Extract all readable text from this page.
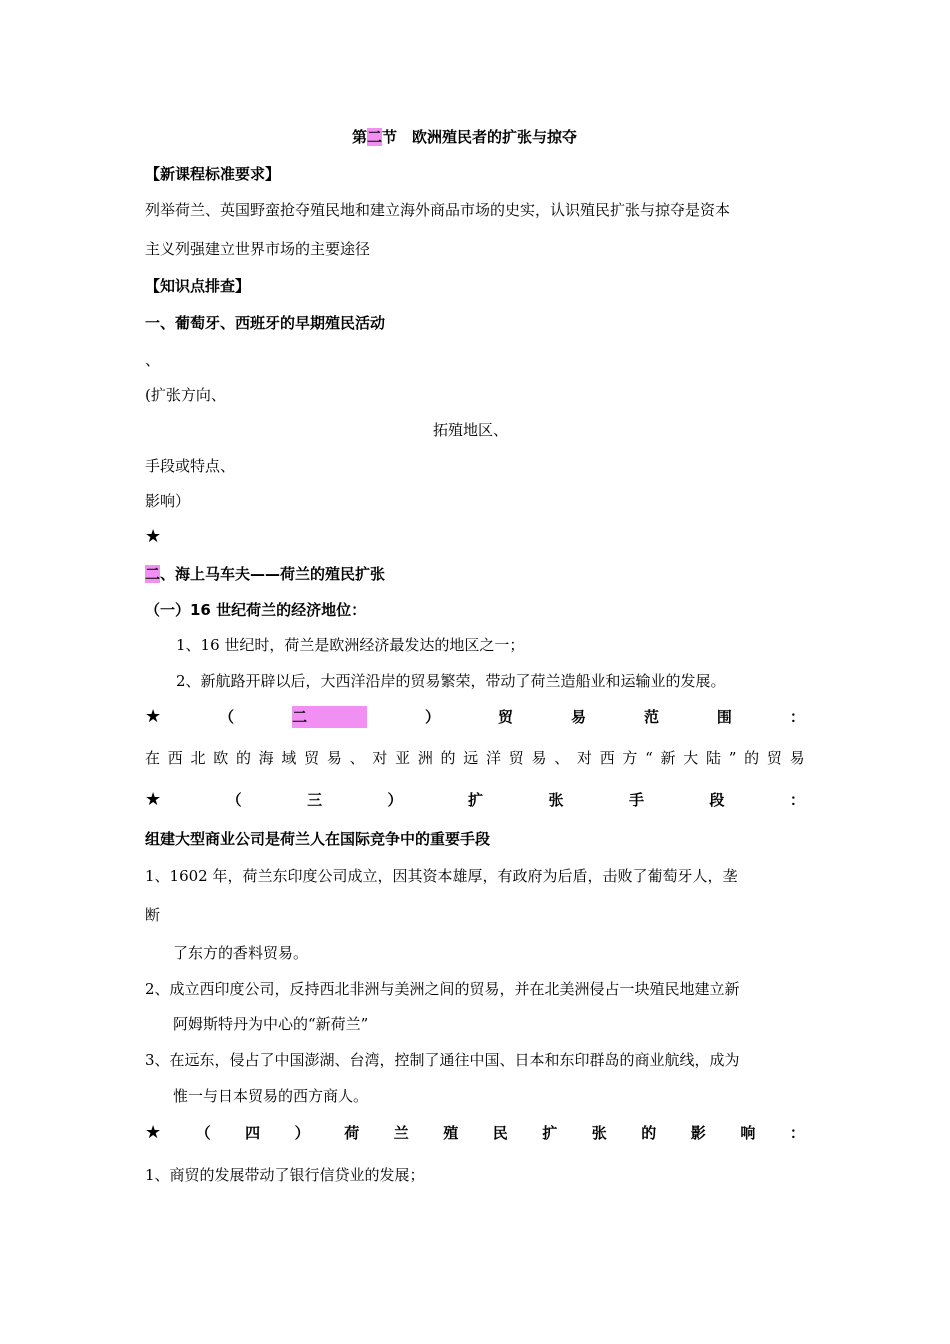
第二节　欧洲殖民者的扩张与掠夺
【新课程标准要求】
列举荷兰、英国野蛮抢夺殖民地和建立海外商品市场的史实，认识殖民扩张与掠夺是资本
主义列强建立世界市场的主要途径
【知识点排查】
一、葡萄牙、西班牙的早期殖民活动
、
(扩张方向、
拓殖地区、
手段或特点、
影响）
★
二、海上马车夫——荷兰的殖民扩张
（一）16 世纪荷兰的经济地位：
1、16 世纪时，荷兰是欧洲经济最发达的地区之一；
2、新航路开辟以后，大西洋沿岸的贸易繁荣，带动了荷兰造船业和运输业的发展。
★	（	二	）	贸	易	范	围	：
在 西 北 欧 的 海 域 贸 易 、 对 亚 洲 的 远 洋 贸 易 、 对 西 方 “ 新 大 陆 ” 的 贸 易
★	（	三	）	扩	张	手	段	：
组建大型商业公司是荷兰人在国际竞争中的重要手段
1、1602 年，荷兰东印度公司成立，因其资本雄厚，有政府为后盾，击败了葡萄牙人，垄
断
了东方的香料贸易。
2、成立西印度公司，反持西北非洲与美洲之间的贸易，并在北美洲侵占一块殖民地建立新
阿姆斯特丹为中心的“新荷兰”
3、在远东，侵占了中国澎湖、台湾，控制了通往中国、日本和东印群岛的商业航线，成为
惟一与日本贸易的西方商人。
★ （ 四 ） 荷 兰 殖 民 扩 张 的 影 响 ：
1、商贸的发展带动了银行信贷业的发展；
